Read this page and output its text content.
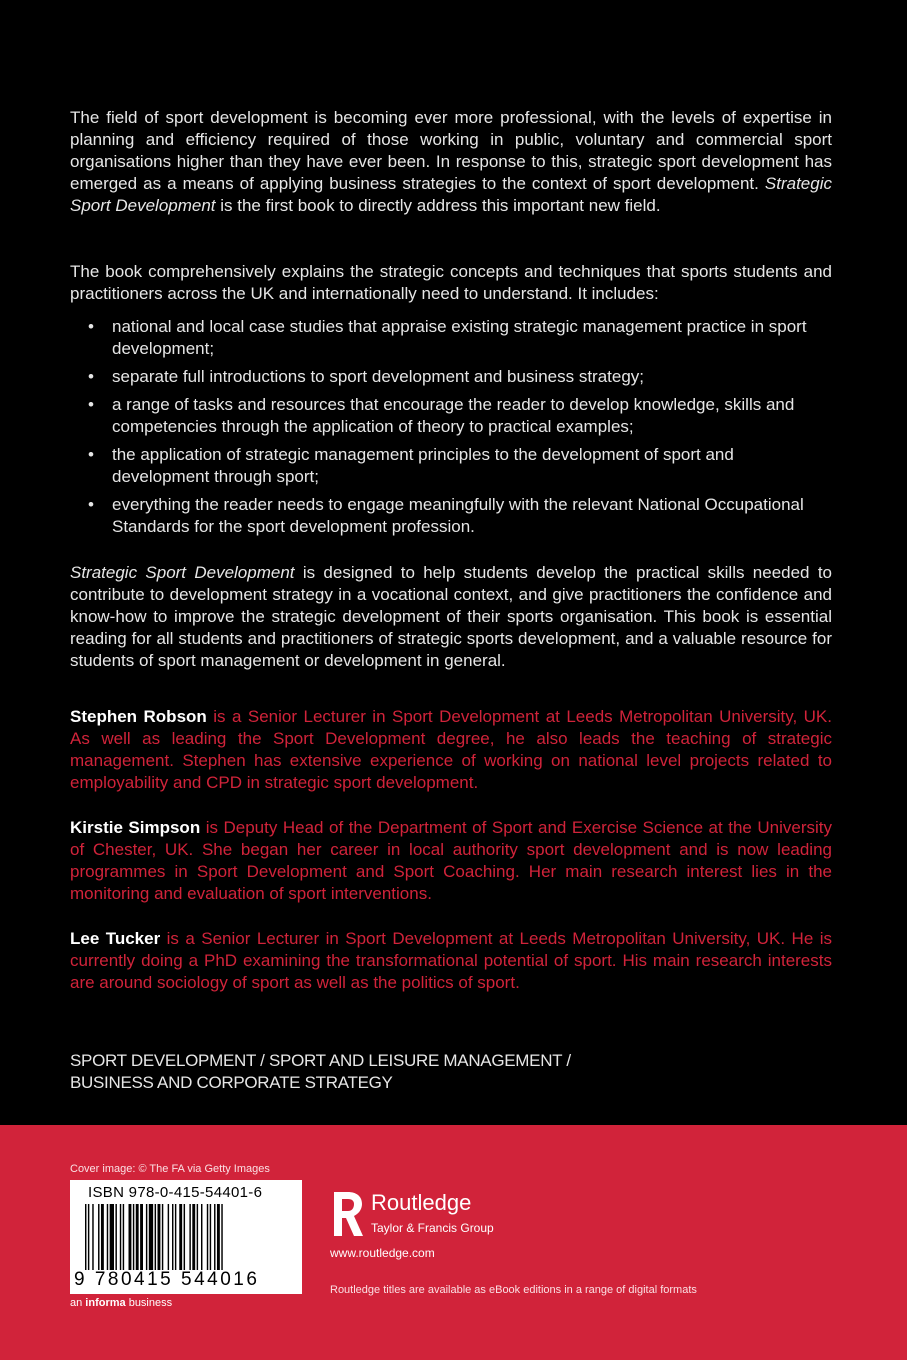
The field of sport development is becoming ever more professional, with the levels of expertise in planning and efficiency required of those working in public, voluntary and commercial sport organisations higher than they have ever been. In response to this, strategic sport development has emerged as a means of applying business strategies to the context of sport development. Strategic Sport Development is the first book to directly address this important new field.

The book comprehensively explains the strategic concepts and techniques that sports students and practitioners across the UK and internationally need to understand. It includes:

• national and local case studies that appraise existing strategic management practice in sport development;
• separate full introductions to sport development and business strategy;
• a range of tasks and resources that encourage the reader to develop knowledge, skills and competencies through the application of theory to practical examples;
• the application of strategic management principles to the development of sport and development through sport;
• everything the reader needs to engage meaningfully with the relevant National Occupational Standards for the sport development profession.

Strategic Sport Development is designed to help students develop the practical skills needed to contribute to development strategy in a vocational context, and give practitioners the confidence and know-how to improve the strategic development of their sports organisation. This book is essential reading for all students and practitioners of strategic sports development, and a valuable resource for students of sport management or development in general.

Stephen Robson is a Senior Lecturer in Sport Development at Leeds Metropolitan University, UK. As well as leading the Sport Development degree, he also leads the teaching of strategic management. Stephen has extensive experience of working on national level projects related to employability and CPD in strategic sport development.
Kirstie Simpson is Deputy Head of the Department of Sport and Exercise Science at the University of Chester, UK. She began her career in local authority sport development and is now leading programmes in Sport Development and Sport Coaching. Her main research interest lies in the monitoring and evaluation of sport interventions.
Lee Tucker is a Senior Lecturer in Sport Development at Leeds Metropolitan University, UK. He is currently doing a PhD examining the transformational potential of sport. His main research interests are around sociology of sport as well as the politics of sport.
SPORT DEVELOPMENT / SPORT AND LEISURE MANAGEMENT /
BUSINESS AND CORPORATE STRATEGY
Cover image: © The FA via Getty Images
ISBN 978-0-415-54401-6
9 780415 544016
an informa business
Routledge
Taylor & Francis Group
www.routledge.com
Routledge titles are available as eBook editions in a range of digital formats
